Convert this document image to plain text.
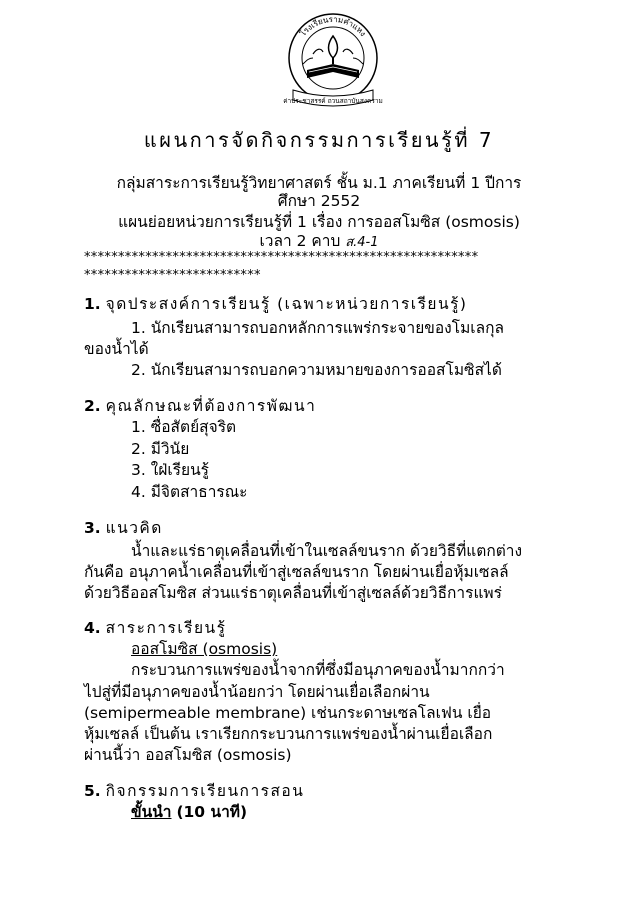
โรงเรียนรามคำแหง
ค่าประชาสรรค์ ถวนสถาบันสงคราม
แผนการจัดกิจกรรมการเรียนรู้ที่ 7
กลุ่มสาระการเรียนรู้วิทยาศาสตร์ ชั้น ม.1 ภาคเรียนที่ 1 ปีการ
ศึกษา 2552
แผนย่อยหน่วยการเรียนรู้ที่ 1 เรื่อง การออสโมซิส (osmosis)
เวลา 2 คาบ ส.4-1
**********************************************************
**************************
1. จุดประสงค์การเรียนรู้ (เฉพาะหน่วยการเรียนรู้)
1. นักเรียนสามารถบอกหลักการแพร่กระจายของโมเลกุล
ของน้ำได้
2. นักเรียนสามารถบอกความหมายของการออสโมซิสได้
2. คุณลักษณะที่ต้องการพัฒนา
1. ซื่อสัตย์สุจริต
2. มีวินัย
3. ใฝ่เรียนรู้
4. มีจิตสาธารณะ
3. แนวคิด
น้ำและแร่ธาตุเคลื่อนที่เข้าในเซลล์ขนราก ด้วยวิธีที่แตกต่าง
กันคือ อนุภาคน้ำเคลื่อนที่เข้าสู่เซลล์ขนราก โดยผ่านเยื่อหุ้มเซลล์
ด้วยวิธีออสโมซิส ส่วนแร่ธาตุเคลื่อนที่เข้าสู่เซลล์ด้วยวิธีการแพร่
4. สาระการเรียนรู้
ออสโมซิส (osmosis)
กระบวนการแพร่ของน้ำจากที่ซึ่งมีอนุภาคของน้ำมากกว่า
ไปสู่ที่มีอนุภาคของน้ำน้อยกว่า โดยผ่านเยื่อเลือกผ่าน
(semipermeable membrane) เช่นกระดาษเซลโลเฟน เยื่อ
หุ้มเซลล์ เป็นต้น เราเรียกกระบวนการแพร่ของน้ำผ่านเยื่อเลือก
ผ่านนี้ว่า ออสโมซิส (osmosis)
5. กิจกรรมการเรียนการสอน
ขั้นนำ (10 นาที)
